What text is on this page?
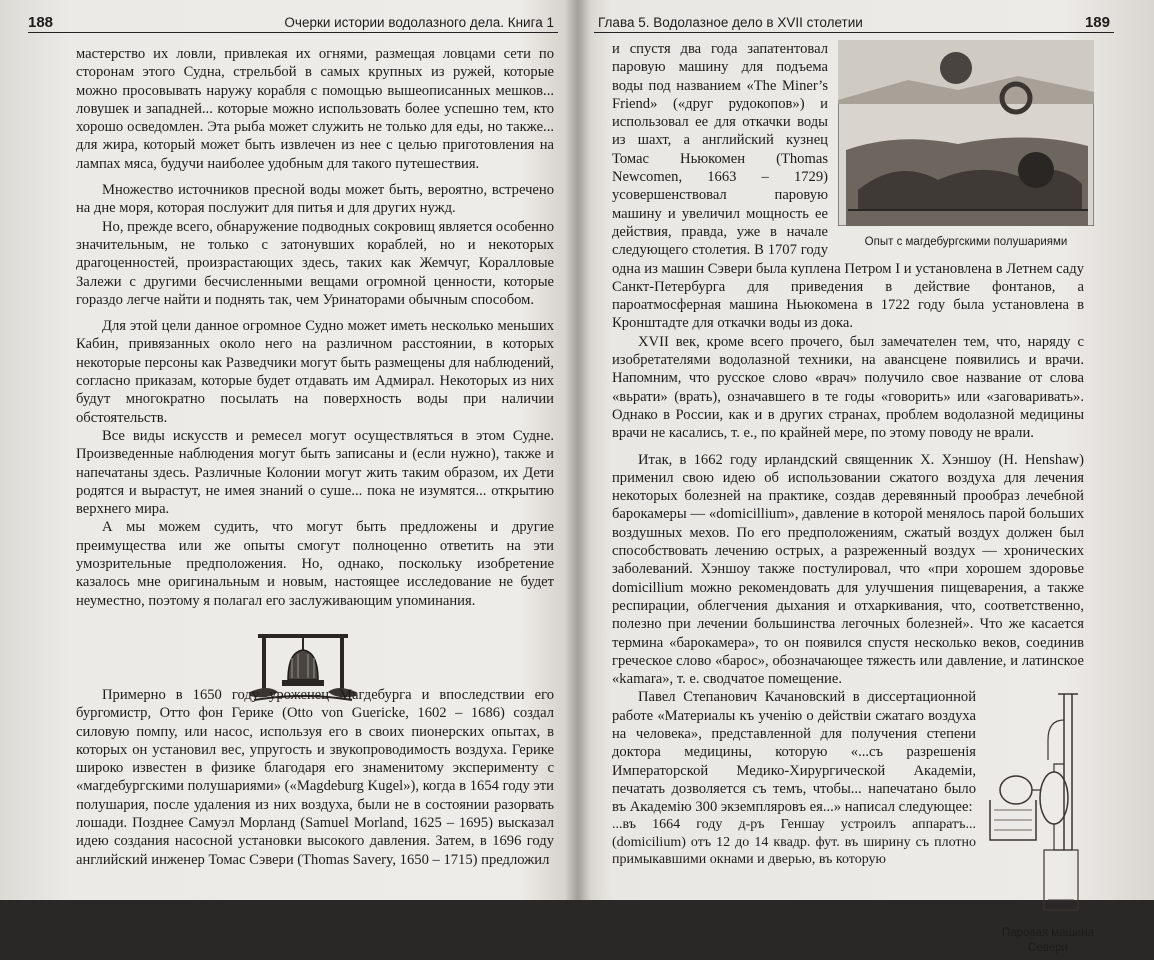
188	Очерки истории водолазного дела. Книга 1

мастерство их ловли, привлекая их огнями, размещая ловцами сети по сторонам этого Судна, стрельбой в самых крупных из ружей, которые можно просовывать наружу корабля с помощью вышеописанных мешков... ловушек и западней... которые можно использовать более успешно тем, кто хорошо осведомлен. Эта рыба может служить не только для еды, но также... для жира, который может быть извлечен из нее с целью приготовления на лампах мяса, будучи наиболее удобным для такого путешествия.

Множество источников пресной воды может быть, вероятно, встречено на дне моря, которая послужит для питья и для других нужд.

Но, прежде всего, обнаружение подводных сокровищ является особенно значительным, не только с затонувших кораблей, но и некоторых драгоценностей, произрастающих здесь, таких как Жемчуг, Коралловые Залежи с другими бесчисленными вещами огромной ценности, которые гораздо легче найти и поднять так, чем Уринаторами обычным способом.

Для этой цели данное огромное Судно может иметь несколько меньших Кабин, привязанных около него на различном расстоянии, в которых некоторые персоны как Разведчики могут быть размещены для наблюдений, согласно приказам, которые будет отдавать им Адмирал. Некоторых из них будут многократно посылать на поверхность воды при наличии обстоятельств.

Все виды искусств и ремесел могут осуществляться в этом Судне. Произведенные наблюдения могут быть записаны и (если нужно), также и напечатаны здесь. Различные Колонии могут жить таким образом, их Дети родятся и вырастут, не имея знаний о суше... пока не изумятся... открытию верхнего мира.

А мы можем судить, что могут быть предложены и другие преимущества или же опыты смогут полноценно ответить на эти умозрительные предположения. Но, однако, поскольку изобретение казалось мне оригинальным и новым, настоящее исследование не будет неуместно, поэтому я полагал его заслуживающим упоминания.

Примерно в 1650 году уроженец Магдебурга и впоследствии его бургомистр, Отто фон Герике (Otto von Guericke, 1602 – 1686) создал силовую помпу, или насос, используя его в своих пионерских опытах, в которых он установил вес, упругость и звукопроводимость воздуха. Герике широко известен в физике благодаря его знаменитому эксперименту с «магдебургскими полушариями» («Magdeburg Kugel»), когда в 1654 году эти полушария, после удаления из них воздуха, были не в состоянии разорвать лошади. Позднее Самуэл Морланд (Samuel Morland, 1625 – 1695) высказал идею создания насосной установки высокого давления. Затем, в 1696 году английский инженер Томас Сэвери (Thomas Savery, 1650 – 1715) предложил

Глава 5. Водолазное дело в XVII столетии	189
Опыт с магдебургскими полушариями

и спустя два года запатентовал паровую машину для подъема воды под названием «The Miner’s Friend» («друг рудокопов») и использовал ее для откачки воды из шахт, а английский кузнец Томас Ньюкомен (Thomas Newcomen, 1663 – 1729) усовершенствовал паровую машину и увеличил мощность ее действия, правда, уже в начале следующего столетия. В 1707 году одна из машин Сэвери была куплена Петром I и установлена в Летнем саду Санкт-Петербурга для приведения в действие фонтанов, а пароатмосферная машина Ньюкомена в 1722 году была установлена в Кронштадте для откачки воды из дока.

XVII век, кроме всего прочего, был замечателен тем, что, наряду с изобретателями водолазной техники, на авансцене появились и врачи. Напомним, что русское слово «врач» получило свое название от слова «вьрати» (врать), означавшего в те годы «говорить» или «заговаривать». Однако в России, как и в других странах, проблем водолазной медицины врачи не касались, т. е., по крайней мере, по этому поводу не врали.

Итак, в 1662 году ирландский священник Х. Хэншоу (H. Henshaw) применил свою идею об использовании сжатого воздуха для лечения некоторых болезней на практике, создав деревянный прообраз лечебной барокамеры — «domicillium», давление в которой менялось парой больших воздушных мехов. По его предположениям, сжатый воздух должен был способствовать лечению острых, а разреженный воздух — хронических заболеваний. Хэншоу также постулировал, что «при хорошем здоровье domicillium можно рекомендовать для улучшения пищеварения, а также респирации, облегчения дыхания и отхаркивания, что, соответственно, полезно при лечении большинства легочных болезней». Что же касается термина «барокамера», то он появился спустя несколько веков, соединив греческое слово «барос», обозначающее тяжесть или давление, и латинское «kamara», т. е. сводчатое помещение.

Паровая машина Севери

Павел Степанович Качановский в диссертационной работе «Материалы къ ученію о действіи сжатаго воздуха на человека», представленной для получения степени доктора медицины, которую «...съ разрешенія Императорской Медико-Хирургической Академіи, печатать дозволяется съ темъ, чтобы... напечатано было въ Академію 300 экземпляровъ ея...» написал следующее:

...въ 1664 году д-ръ Геншау устроилъ аппаратъ... (domicilium) отъ 12 до 14 квадр. фут. въ ширину съ плотно примыкавшими окнами и дверью, въ которую
